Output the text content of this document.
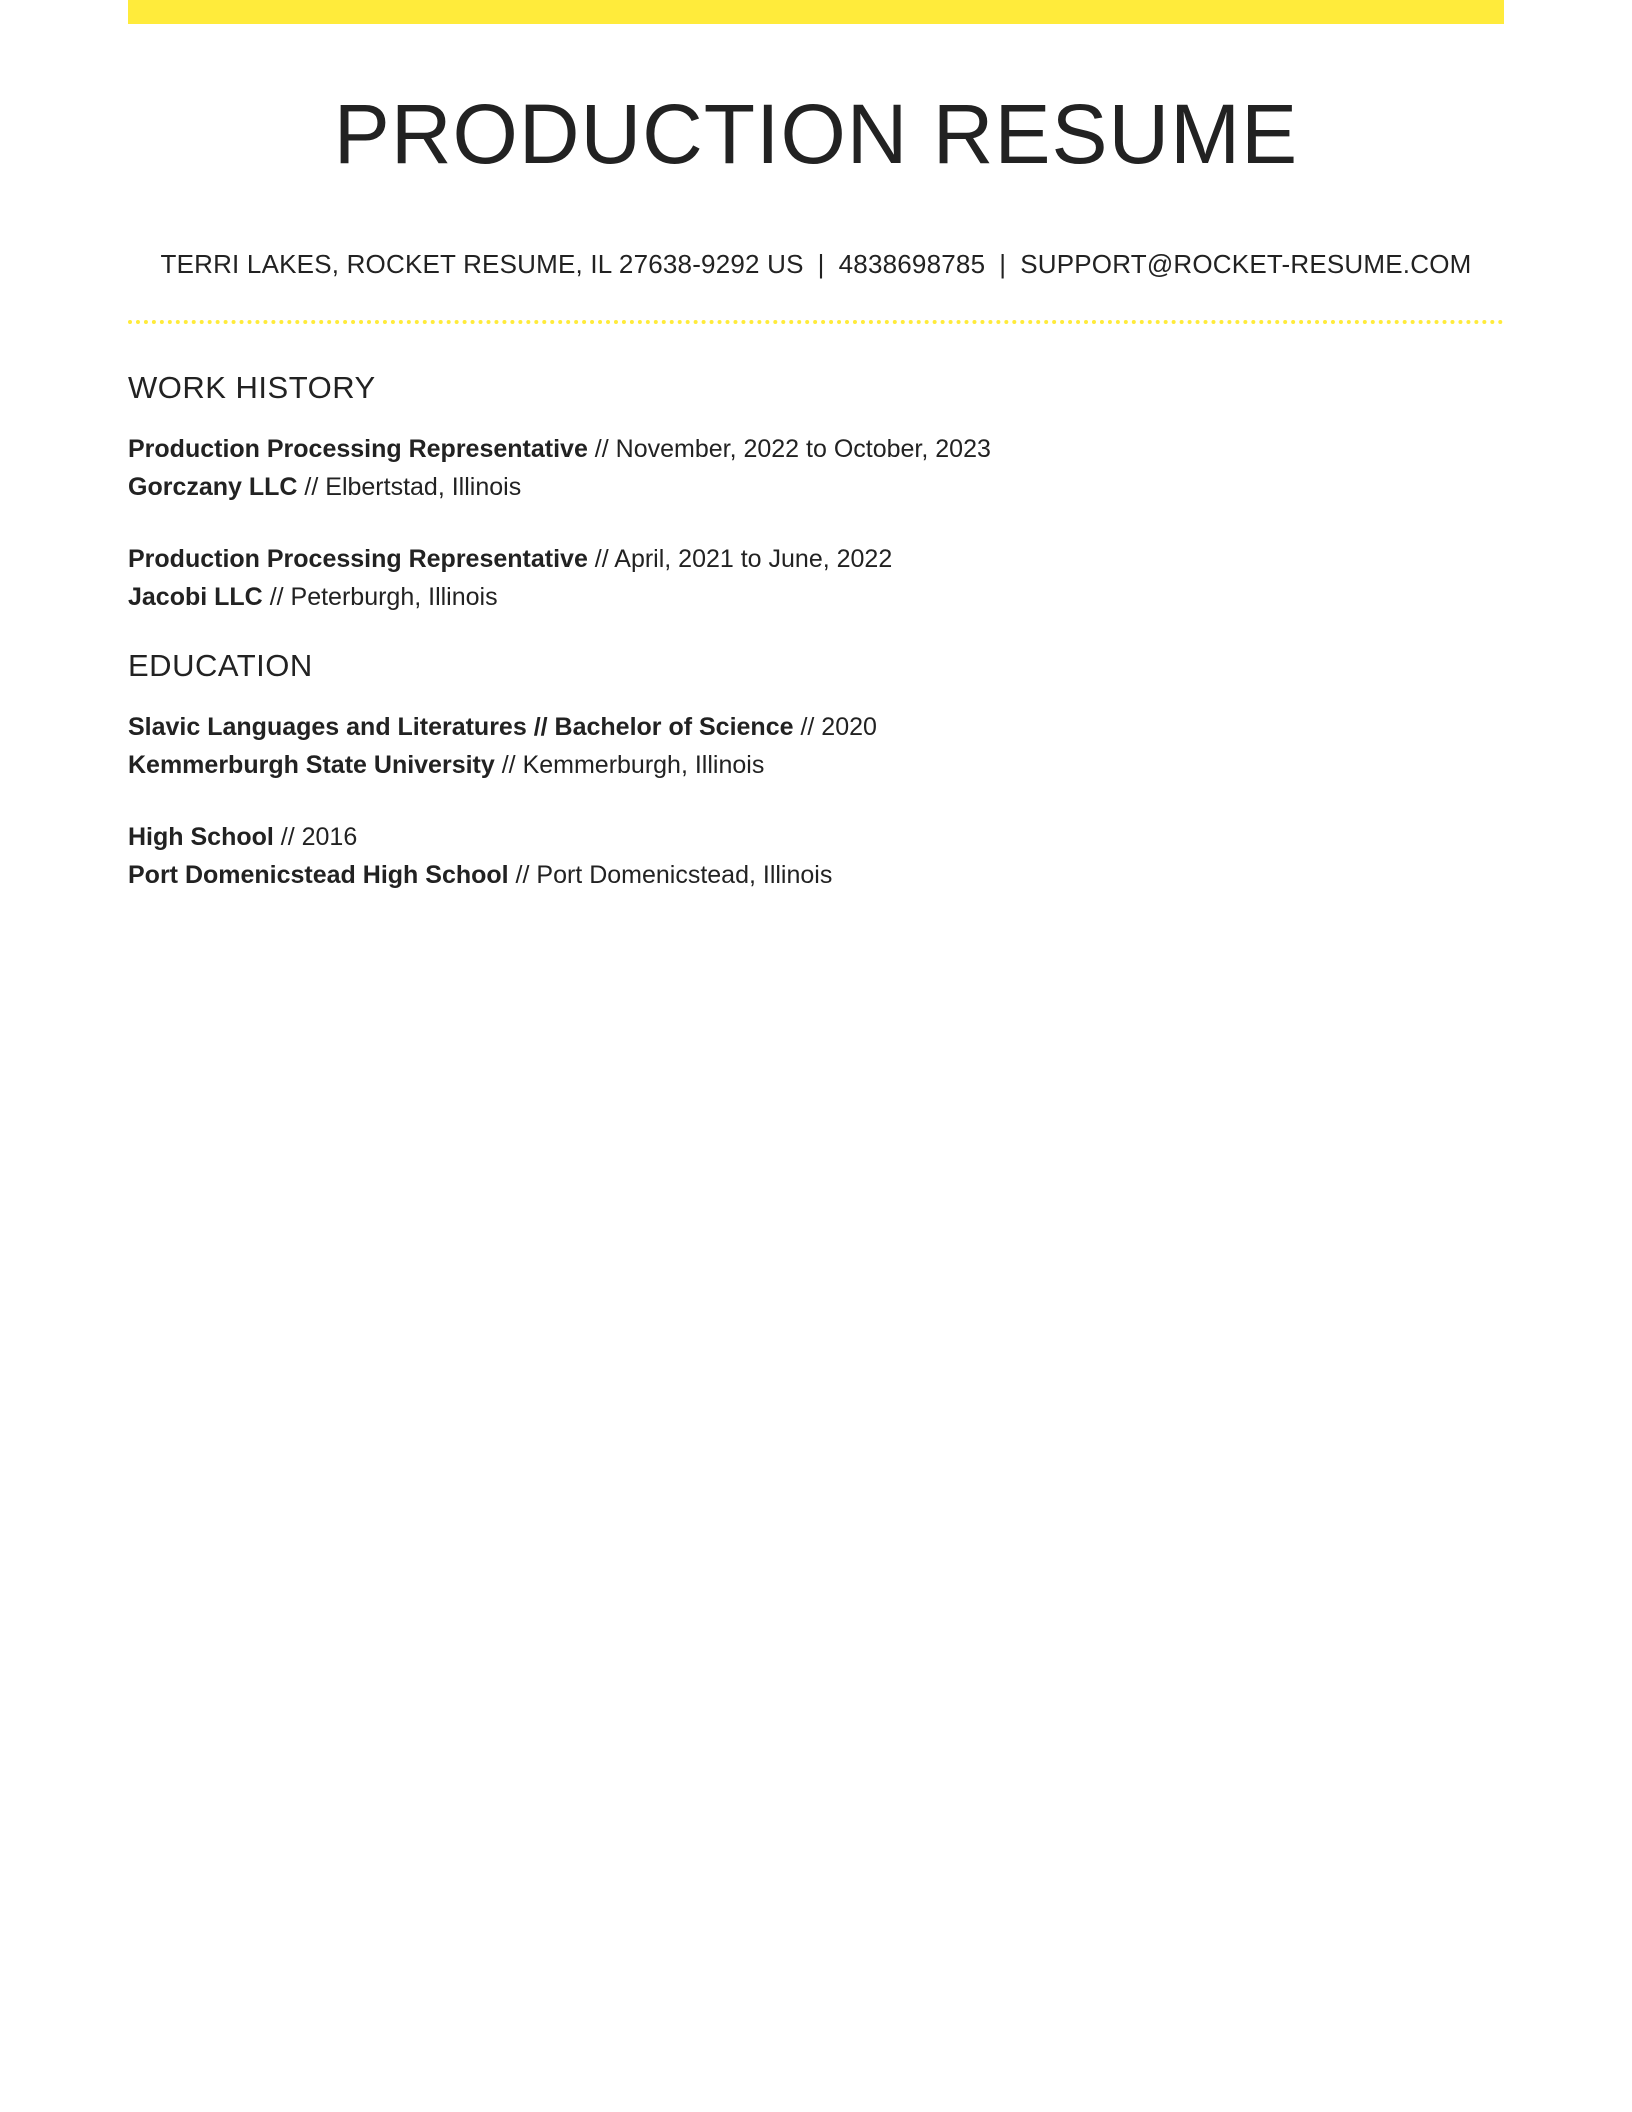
PRODUCTION RESUME
TERRI LAKES, ROCKET RESUME, IL 27638-9292 US | 4838698785 | SUPPORT@ROCKET-RESUME.COM
WORK HISTORY
Production Processing Representative // November, 2022 to October, 2023
Gorczany LLC // Elbertstad, Illinois
Production Processing Representative // April, 2021 to June, 2022
Jacobi LLC // Peterburgh, Illinois
EDUCATION
Slavic Languages and Literatures // Bachelor of Science // 2020
Kemmerburgh State University // Kemmerburgh, Illinois
High School // 2016
Port Domenicstead High School // Port Domenicstead, Illinois
